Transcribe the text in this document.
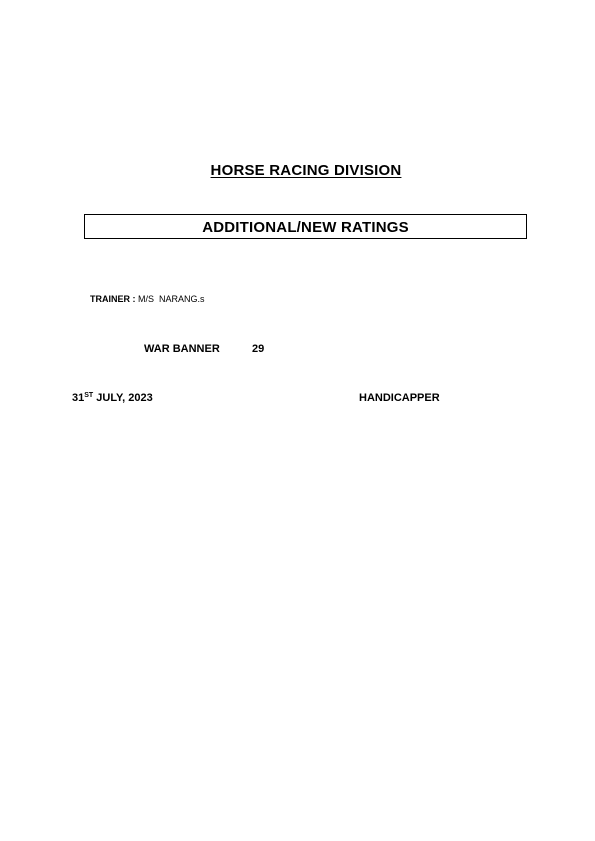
HORSE RACING DIVISION
ADDITIONAL/NEW RATINGS
TRAINER : M/S  NARANG.s
WAR BANNER	29
31ST JULY, 2023	HANDICAPPER
